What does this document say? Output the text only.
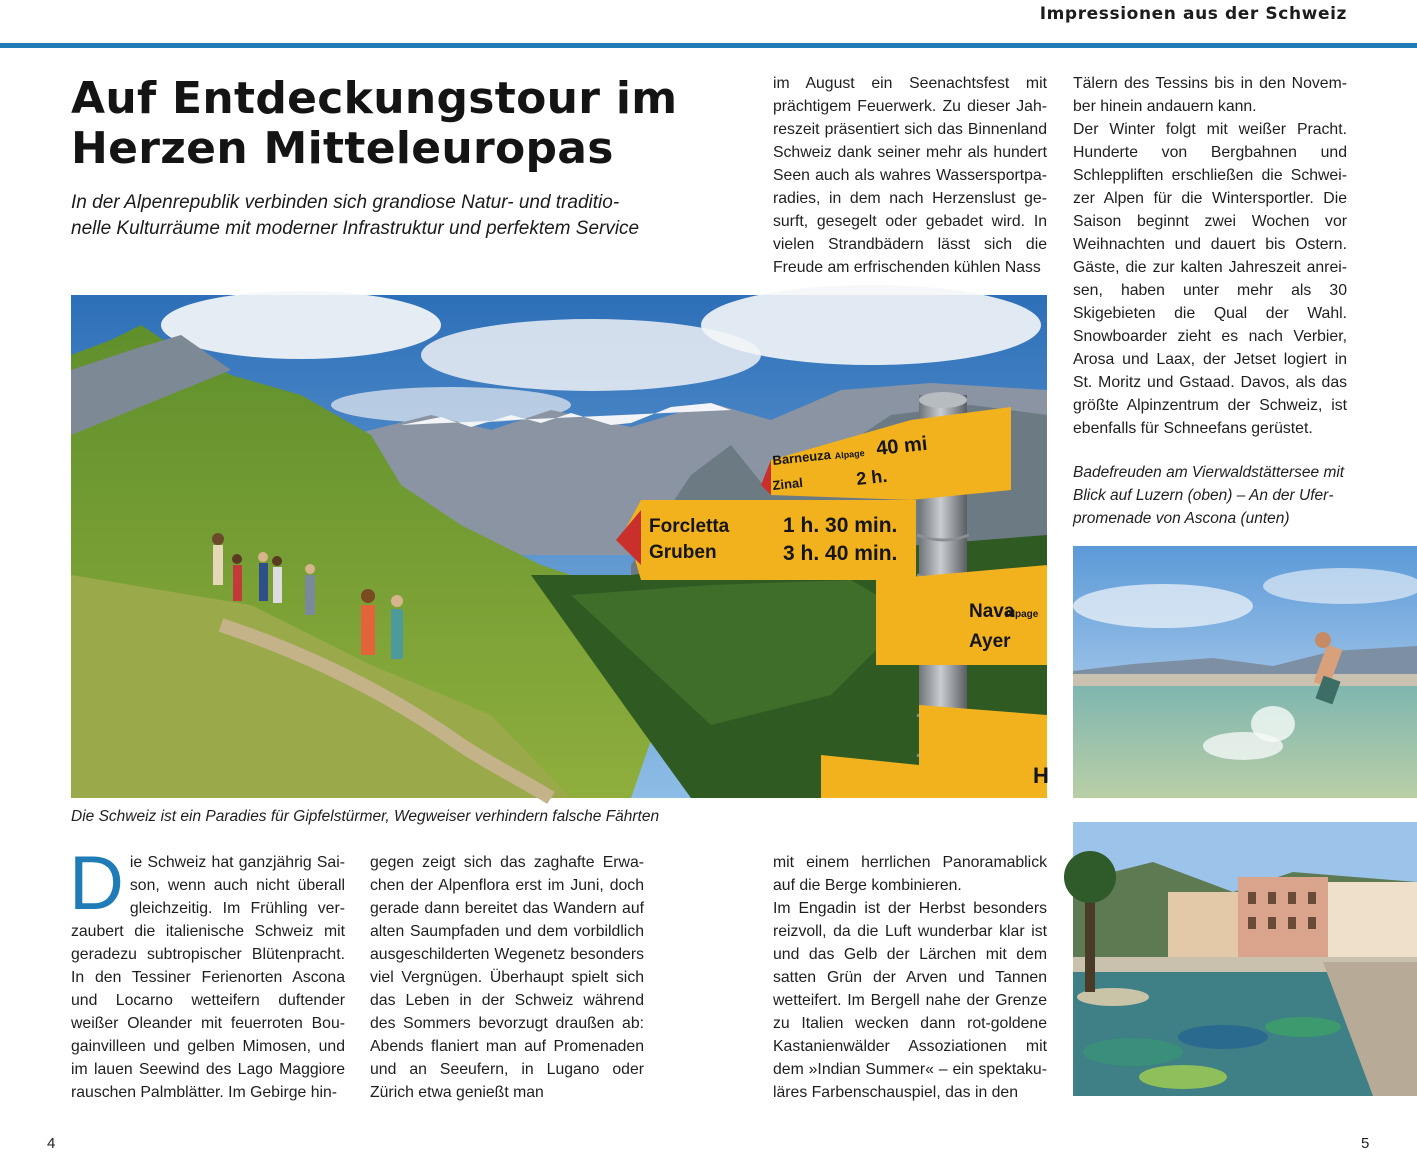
Impressionen aus der Schweiz
Auf Entdeckungstour im Herzen Mitteleuropas

In der Alpenrepublik verbinden sich grandiose Natur- und traditionelle Kulturräume mit moderner Infrastruktur und perfektem Service

im August ein Seenachtsfest mit prächtigem Feuerwerk. Zu dieser Jahreszeit präsentiert sich das Binnenland Schweiz dank seiner mehr als hundert Seen auch als wahres Wassersportparadies, in dem nach Herzenslust gesurft, gesegelt oder gebadet wird. In vielen Strandbädern lässt sich die Freude am erfrischenden kühlen Nass

Tälern des Tessins bis in den November hinein andauern kann.

Der Winter folgt mit weißer Pracht. Hunderte von Bergbahnen und Schleppliften erschließen die Schweizer Alpen für die Wintersportler. Die Saison beginnt zwei Wochen vor Weihnachten und dauert bis Ostern. Gäste, die zur kalten Jahreszeit anreisen, haben unter mehr als 30 Skigebieten die Qual der Wahl. Snowboarder zieht es nach Verbier, Arosa und Laax, der Jetset logiert in St. Moritz und Gstaad. Davos, als das größte Alpinzentrum der Schweiz, ist ebenfalls für Schneefans gerüstet.

Badefreuden am Vierwaldstättersee mit Blick auf Luzern (oben) – An der Uferpromenade von Ascona (unten)

Barneuza Alpage
Zinal
40 mi
2 h.
Forcletta
Gruben
1 h. 30 min.
3 h. 40 min.
Nava
Alpage
Ayer
H

Die Schweiz ist ein Paradies für Gipfelstürmer, Wegweiser verhindern falsche Fährten

D ie Schweiz hat ganzjährig Saison, wenn auch nicht überall gleichzeitig. Im Frühling verzaubert die italienische Schweiz mit geradezu subtropischer Blütenpracht. In den Tessiner Ferienorten Ascona und Locarno wetteifern duftender weißer Oleander mit feuerroten Bougainvilleen und gelben Mimosen, und im lauen Seewind des Lago Maggiore rauschen Palmblätter. Im Gebirge hin-

gegen zeigt sich das zaghafte Erwachen der Alpenflora erst im Juni, doch gerade dann bereitet das Wandern auf alten Saumpfaden und dem vorbildlich ausgeschilderten Wegenetz besonders viel Vergnügen. Überhaupt spielt sich das Leben in der Schweiz während des Sommers bevorzugt draußen ab: Abends flaniert man auf Promenaden und an Seeufern, in Lugano oder Zürich etwa genießt man

mit einem herrlichen Panoramablick auf die Berge kombinieren.

Im Engadin ist der Herbst besonders reizvoll, da die Luft wunderbar klar ist und das Gelb der Lärchen mit dem satten Grün der Arven und Tannen wetteifert. Im Bergell nahe der Grenze zu Italien wecken dann rot-goldene Kastanienwälder Assoziationen mit dem »Indian Summer« – ein spektakuläres Farbenschauspiel, das in den

4	5
